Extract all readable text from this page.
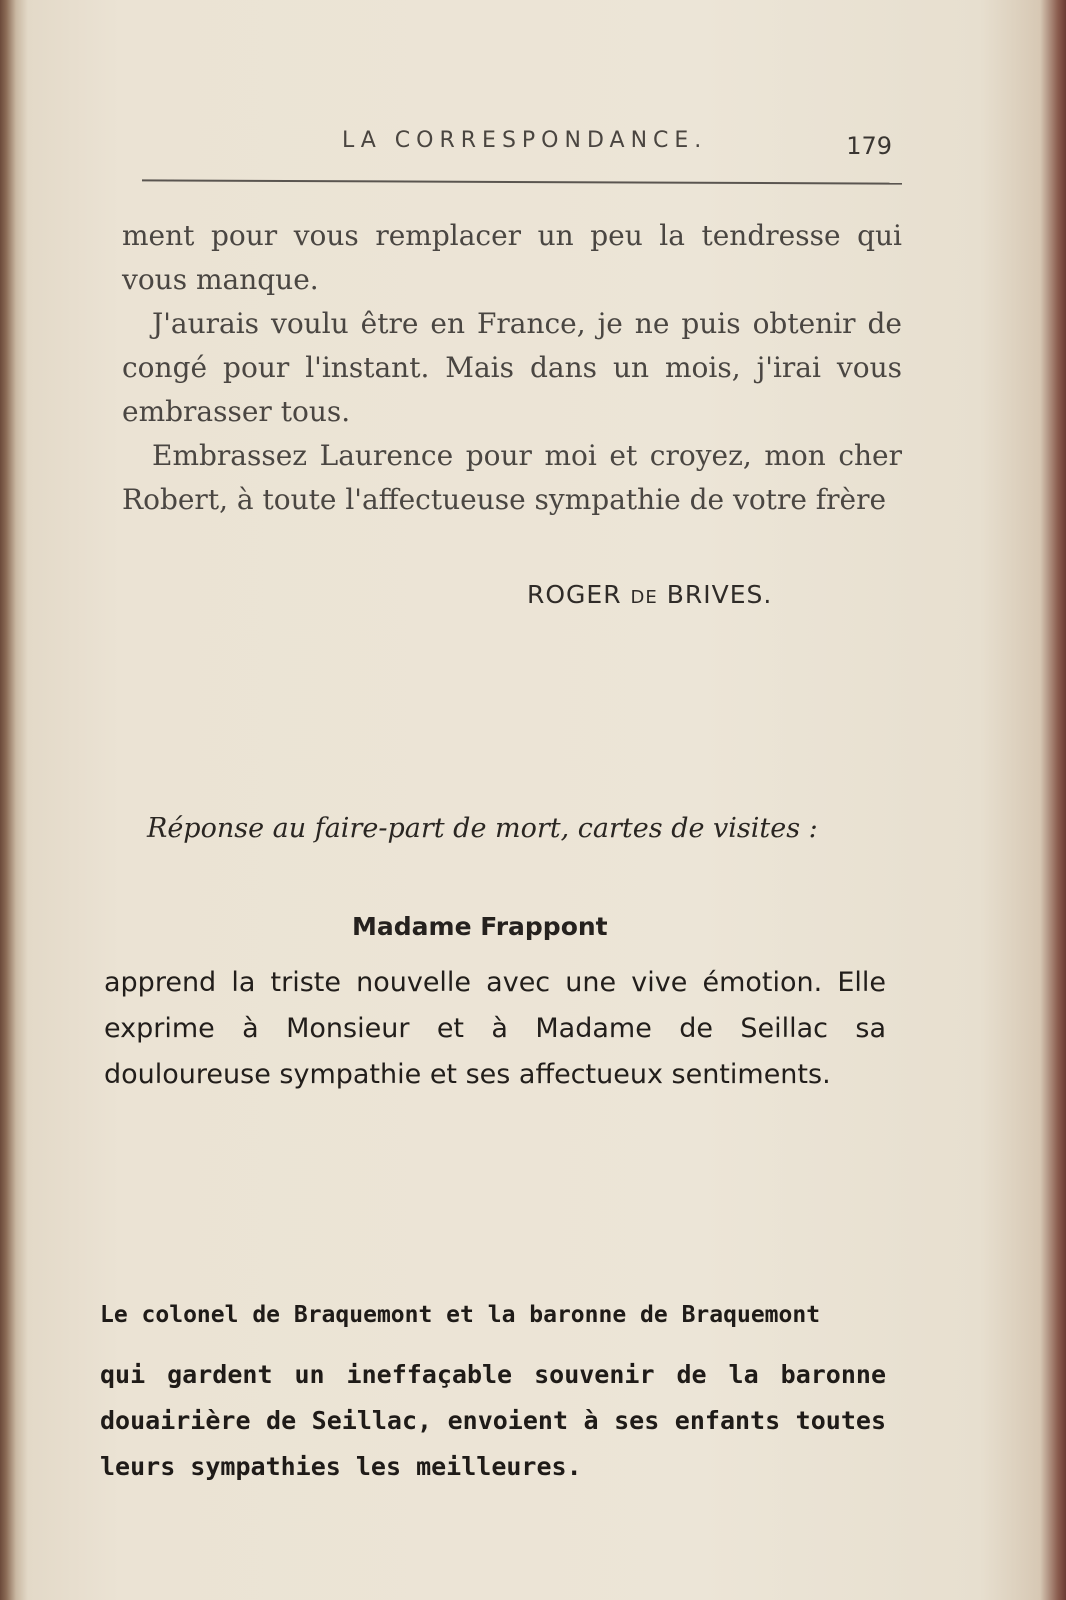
LA CORRESPONDANCE.	179

ment pour vous remplacer un peu la tendresse qui vous manque.

J'aurais voulu être en France, je ne puis obtenir de congé pour l'instant. Mais dans un mois, j'irai vous embrasser tous.

Embrassez Laurence pour moi et croyez, mon cher Robert, à toute l'affectueuse sympathie de votre frère

ROGER DE BRIVES.
Réponse au faire-part de mort, cartes de visites :
Madame Frappont

apprend la triste nouvelle avec une vive émotion. Elle exprime à Monsieur et à Madame de Seillac sa douloureuse sympathie et ses affectueux sentiments.

Le colonel de Braquemont et la baronne de Braquemont

qui gardent un ineffaçable souvenir de la baronne douairière de Seillac, envoient à ses enfants toutes leurs sympathies les meilleures.
